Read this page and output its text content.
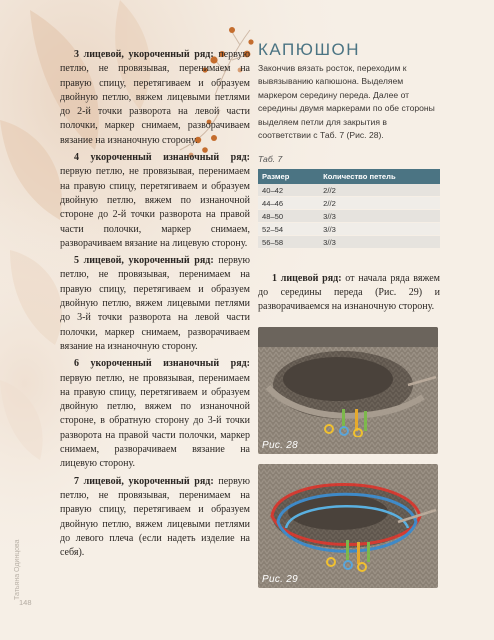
3 лицевой, укороченный ряд: первую петлю, не провязывая, перенимаем на правую спицу, перетягиваем и образуем двойную петлю, вяжем лицевыми петлями до 2-й точки разворота на левой части полочки, маркер снимаем, разворачиваем вязание на изнаночную сторону.

4 укороченный изнаночный ряд: первую петлю, не провязывая, перенимаем на правую спицу, перетягиваем и образуем двойную петлю, вяжем по изнаночной стороне до 2-й точки разворота на правой части полочки, маркер снимаем, разворачиваем вязание на лицевую сторону.

5 лицевой, укороченный ряд: первую петлю, не провязывая, перенимаем на правую спицу, перетягиваем и образуем двойную петлю, вяжем лицевыми петлями до 3-й точки разворота на левой части полочки, маркер снимаем, разворачиваем вязание на изнаночную сторону.

6 укороченный изнаночный ряд: первую петлю, не провязывая, перенимаем на правую спицу, перетягиваем и образуем двойную петлю, вяжем по изнаночной стороне, в обратную сторону до 3-й точки разворота на правой части полочки, маркер снимаем, разворачиваем вязание на лицевую сторону.

7 лицевой, укороченный ряд: первую петлю, не провязывая, перенимаем на правую спицу, перетягиваем и образуем двойную петлю, вяжем лицевыми петлями до левого плеча (если надеть изделие на себя).

КАПЮШОН

Закончив вязать росток, переходим к вывязыванию капюшона. Выделяем маркером середину переда. Далее от середины двумя маркерами по обе стороны выделяем петли для закрытия в соответствии с Таб. 7 (Рис. 28).

Таб. 7
Размер	Количество петель
40–42	2//2
44–46	2//2
48–50	3//3
52–54	3//3
56–58	3//3

1 лицевой ряд: от начала ряда вяжем до середины переда (Рис. 29) и разворачиваемся на изнаночную сторону.

Рис. 28
Рис. 29
Татьяна Одинцова
148
